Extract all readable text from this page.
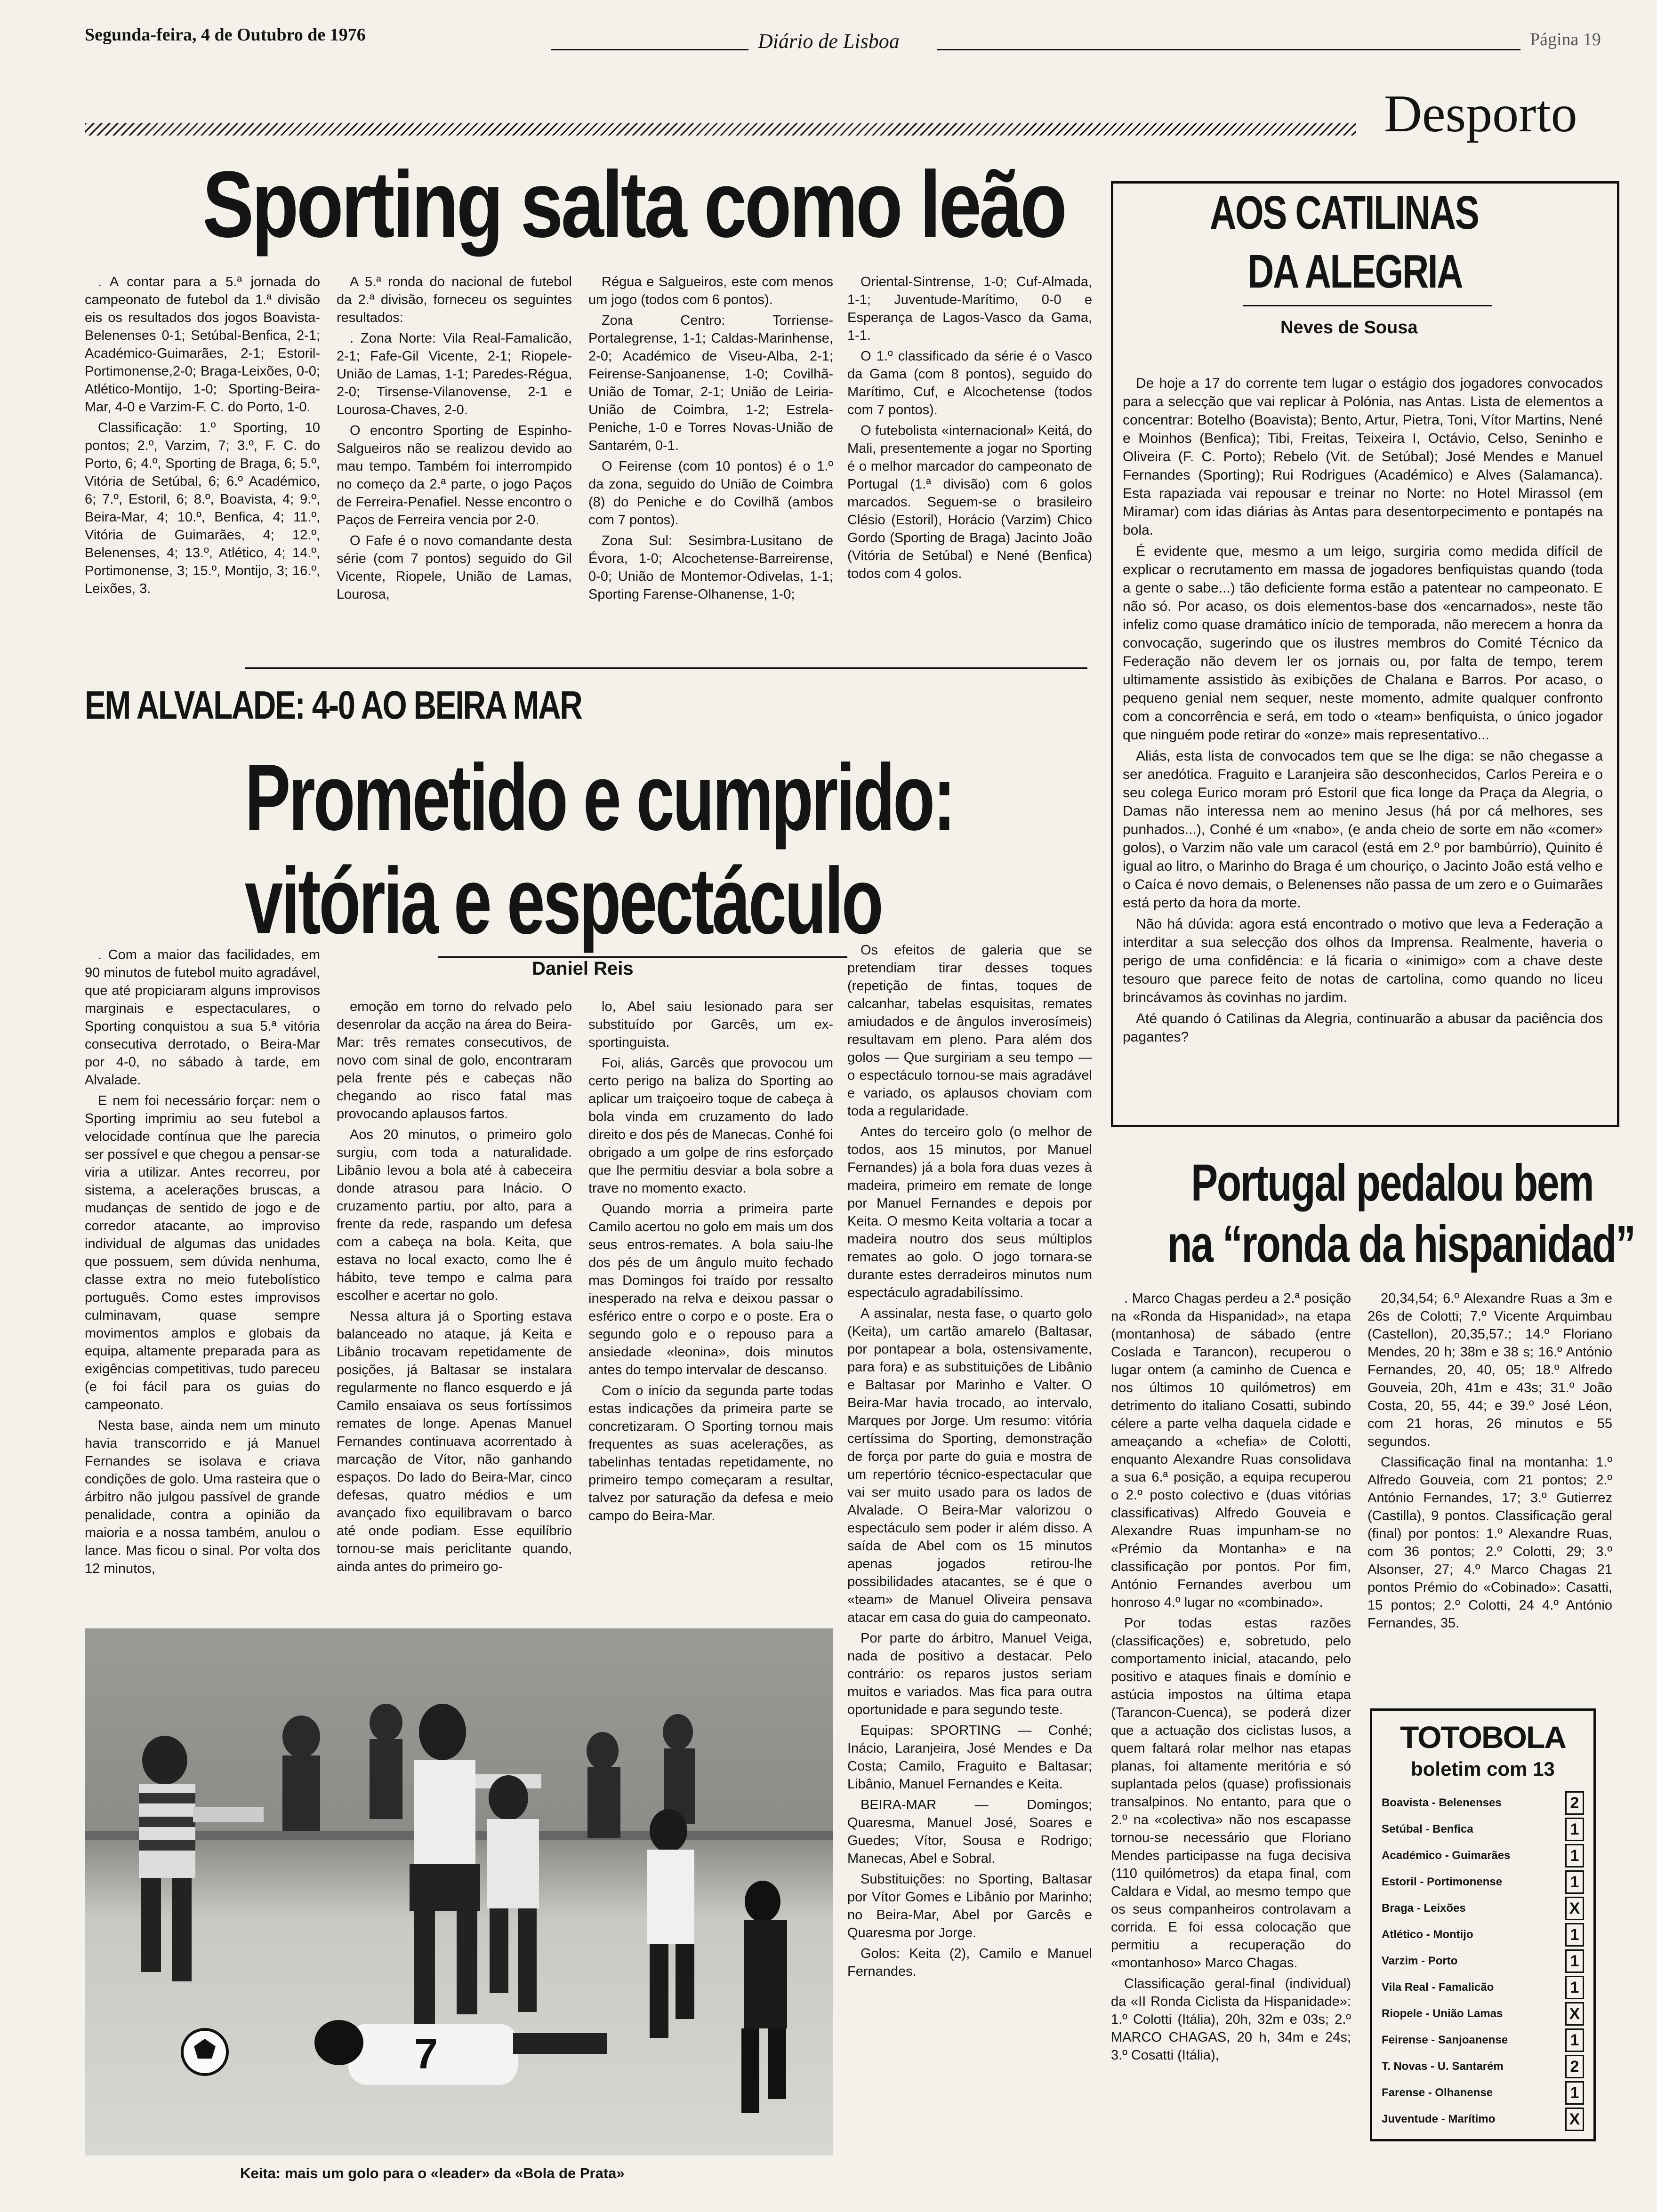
Segunda-feira, 4 de Outubro de 1976	Diário de Lisboa	Página 19
Desporto
Sporting salta como leão

. A contar para a 5.ª jornada do campeonato de futebol da 1.ª divisão eis os resultados dos jogos Boavista-Belenenses 0-1; Setúbal-Benfica, 2-1; Académico-Guimarães, 2-1; Estoril-Portimonense,2-0; Braga-Leixões, 0-0; Atlético-Montijo, 1-0; Sporting-Beira-Mar, 4-0 e Varzim-F. C. do Porto, 1-0.

Classificação: 1.º Sporting, 10 pontos; 2.º, Varzim, 7; 3.º, F. C. do Porto, 6; 4.º, Sporting de Braga, 6; 5.º, Vitória de Setúbal, 6; 6.º Académico, 6; 7.º, Estoril, 6; 8.º, Boavista, 4; 9.º, Beira-Mar, 4; 10.º, Benfica, 4; 11.º, Vitória de Guimarães, 4; 12.º, Belenenses, 4; 13.º, Atlético, 4; 14.º, Portimonense, 3; 15.º, Montijo, 3; 16.º, Leixões, 3.

A 5.ª ronda do nacional de futebol da 2.ª divisão, forneceu os seguintes resultados:

. Zona Norte: Vila Real-Famalicão, 2-1; Fafe-Gil Vicente, 2-1; Riopele-União de Lamas, 1-1; Paredes-Régua, 2-0; Tirsense-Vilanovense, 2-1 e Lourosa-Chaves, 2-0.

O encontro Sporting de Espinho-Salgueiros não se realizou devido ao mau tempo. Também foi interrompido no começo da 2.ª parte, o jogo Paços de Ferreira-Penafiel. Nesse encontro o Paços de Ferreira vencia por 2-0.

O Fafe é o novo comandante desta série (com 7 pontos) seguido do Gil Vicente, Riopele, União de Lamas, Lourosa,

Régua e Salgueiros, este com menos um jogo (todos com 6 pontos).

Zona Centro: Torriense-Portalegrense, 1-1; Caldas-Marinhense, 2-0; Académico de Viseu-Alba, 2-1; Feirense-Sanjoanense, 1-0; Covilhã-União de Tomar, 2-1; União de Leiria-União de Coimbra, 1-2; Estrela-Peniche, 1-0 e Torres Novas-União de Santarém, 0-1.

O Feirense (com 10 pontos) é o 1.º da zona, seguido do União de Coimbra (8) do Peniche e do Covilhã (ambos com 7 pontos).

Zona Sul: Sesimbra-Lusitano de Évora, 1-0; Alcochetense-Barreirense, 0-0; União de Montemor-Odivelas, 1-1; Sporting Farense-Olhanense, 1-0;

Oriental-Sintrense, 1-0; Cuf-Almada, 1-1; Juventude-Marítimo, 0-0 e Esperança de Lagos-Vasco da Gama, 1-1.

O 1.º classificado da série é o Vasco da Gama (com 8 pontos), seguido do Marítimo, Cuf, e Alcochetense (todos com 7 pontos).

O futebolista «internacional» Keitá, do Mali, presentemente a jogar no Sporting é o melhor marcador do campeonato de Portugal (1.ª divisão) com 6 golos marcados. Seguem-se o brasileiro Clésio (Estoril), Horácio (Varzim) Chico Gordo (Sporting de Braga) Jacinto João (Vitória de Setúbal) e Nené (Benfica) todos com 4 golos.

EM ALVALADE: 4-0 AO BEIRA MAR
Prometido e cumprido:
vitória e espectáculo

. Com a maior das facilidades, em 90 minutos de futebol muito agradável, que até propiciaram alguns improvisos marginais e espectaculares, o Sporting conquistou a sua 5.ª vitória consecutiva derrotado, o Beira-Mar por 4-0, no sábado à tarde, em Alvalade.

E nem foi necessário forçar: nem o Sporting imprimiu ao seu futebol a velocidade contínua que lhe parecia ser possível e que chegou a pensar-se viria a utilizar. Antes recorreu, por sistema, a acelerações bruscas, a mudanças de sentido de jogo e de corredor atacante, ao improviso individual de algumas das unidades que possuem, sem dúvida nenhuma, classe extra no meio futebolístico português. Como estes improvisos culminavam, quase sempre movimentos amplos e globais da equipa, altamente preparada para as exigências competitivas, tudo pareceu (e foi fácil para os guias do campeonato.

Nesta base, ainda nem um minuto havia transcorrido e já Manuel Fernandes se isolava e criava condições de golo. Uma rasteira que o árbitro não julgou passível de grande penalidade, contra a opinião da maioria e a nossa também, anulou o lance. Mas ficou o sinal. Por volta dos 12 minutos,

Daniel Reis

emoção em torno do relvado pelo desenrolar da acção na área do Beira-Mar: três remates consecutivos, de novo com sinal de golo, encontraram pela frente pés e cabeças não chegando ao risco fatal mas provocando aplausos fartos.

Aos 20 minutos, o primeiro golo surgiu, com toda a naturalidade. Libânio levou a bola até à cabeceira donde atrasou para Inácio. O cruzamento partiu, por alto, para a frente da rede, raspando um defesa com a cabeça na bola. Keita, que estava no local exacto, como lhe é hábito, teve tempo e calma para escolher e acertar no golo.

Nessa altura já o Sporting estava balanceado no ataque, já Keita e Libânio trocavam repetidamente de posições, já Baltasar se instalara regularmente no flanco esquerdo e já Camilo ensaiava os seus fortíssimos remates de longe. Apenas Manuel Fernandes continuava acorrentado à marcação de Vítor, não ganhando espaços. Do lado do Beira-Mar, cinco defesas, quatro médios e um avançado fixo equilibravam o barco até onde podiam. Esse equilíbrio tornou-se mais periclitante quando, ainda antes do primeiro go-

lo, Abel saiu lesionado para ser substituído por Garcês, um ex-sportinguista.

Foi, aliás, Garcês que provocou um certo perigo na baliza do Sporting ao aplicar um traiçoeiro toque de cabeça à bola vinda em cruzamento do lado direito e dos pés de Manecas. Conhé foi obrigado a um golpe de rins esforçado que lhe permitiu desviar a bola sobre a trave no momento exacto.

Quando morria a primeira parte Camilo acertou no golo em mais um dos seus entros-remates. A bola saiu-lhe dos pés de um ângulo muito fechado mas Domingos foi traído por ressalto inesperado na relva e deixou passar o esférico entre o corpo e o poste. Era o segundo golo e o repouso para a ansiedade «leonina», dois minutos antes do tempo intervalar de descanso.

Com o início da segunda parte todas estas indicações da primeira parte se concretizaram. O Sporting tornou mais frequentes as suas acelerações, as tabelinhas tentadas repetidamente, no primeiro tempo começaram a resultar, talvez por saturação da defesa e meio campo do Beira-Mar.

Os efeitos de galeria que se pretendiam tirar desses toques (repetição de fintas, toques de calcanhar, tabelas esquisitas, remates amiudados e de ângulos inverosímeis) resultavam em pleno. Para além dos golos — Que surgiriam a seu tempo — o espectáculo tornou-se mais agradável e variado, os aplausos choviam com toda a regularidade.

Antes do terceiro golo (o melhor de todos, aos 15 minutos, por Manuel Fernandes) já a bola fora duas vezes à madeira, primeiro em remate de longe por Manuel Fernandes e depois por Keita. O mesmo Keita voltaria a tocar a madeira noutro dos seus múltiplos remates ao golo. O jogo tornara-se durante estes derradeiros minutos num espectáculo agradabilíssimo.

A assinalar, nesta fase, o quarto golo (Keita), um cartão amarelo (Baltasar, por pontapear a bola, ostensivamente, para fora) e as substituições de Libânio e Baltasar por Marinho e Valter. O Beira-Mar havia trocado, ao intervalo, Marques por Jorge. Um resumo: vitória certíssima do Sporting, demonstração de força por parte do guia e mostra de um repertório técnico-espectacular que vai ser muito usado para os lados de Alvalade. O Beira-Mar valorizou o espectáculo sem poder ir além disso. A saída de Abel com os 15 minutos apenas jogados retirou-lhe possibilidades atacantes, se é que o «team» de Manuel Oliveira pensava atacar em casa do guia do campeonato.

Por parte do árbitro, Manuel Veiga, nada de positivo a destacar. Pelo contrário: os reparos justos seriam muitos e variados. Mas fica para outra oportunidade e para segundo teste.

Equipas: SPORTING — Conhé; Inácio, Laranjeira, José Mendes e Da Costa; Camilo, Fraguito e Baltasar; Libânio, Manuel Fernandes e Keita.

BEIRA-MAR — Domingos; Quaresma, Manuel José, Soares e Guedes; Vítor, Sousa e Rodrigo; Manecas, Abel e Sobral.

Substituições: no Sporting, Baltasar por Vítor Gomes e Libânio por Marinho; no Beira-Mar, Abel por Garcês e Quaresma por Jorge.

Golos: Keita (2), Camilo e Manuel Fernandes.

7
Keita: mais um golo para o «leader» da «Bola de Prata»
AOS CATILINAS
DA ALEGRIA
Neves de Sousa

De hoje a 17 do corrente tem lugar o estágio dos jogadores convocados para a selecção que vai replicar à Polónia, nas Antas. Lista de elementos a concentrar: Botelho (Boavista); Bento, Artur, Pietra, Toni, Vítor Martins, Nené e Moinhos (Benfica); Tibi, Freitas, Teixeira I, Octávio, Celso, Seninho e Oliveira (F. C. Porto); Rebelo (Vit. de Setúbal); José Mendes e Manuel Fernandes (Sporting); Rui Rodrigues (Académico) e Alves (Salamanca). Esta rapaziada vai repousar e treinar no Norte: no Hotel Mirassol (em Miramar) com idas diárias às Antas para desentorpecimento e pontapés na bola.

É evidente que, mesmo a um leigo, surgiria como medida difícil de explicar o recrutamento em massa de jogadores benfiquistas quando (toda a gente o sabe...) tão deficiente forma estão a patentear no campeonato. E não só. Por acaso, os dois elementos-base dos «encarnados», neste tão infeliz como quase dramático início de temporada, não merecem a honra da convocação, sugerindo que os ilustres membros do Comité Técnico da Federação não devem ler os jornais ou, por falta de tempo, terem ultimamente assistido às exibições de Chalana e Barros. Por acaso, o pequeno genial nem sequer, neste momento, admite qualquer confronto com a concorrência e será, em todo o «team» benfiquista, o único jogador que ninguém pode retirar do «onze» mais representativo...

Aliás, esta lista de convocados tem que se lhe diga: se não chegasse a ser anedótica. Fraguito e Laranjeira são desconhecidos, Carlos Pereira e o seu colega Eurico moram pró Estoril que fica longe da Praça da Alegria, o Damas não interessa nem ao menino Jesus (há por cá melhores, ses punhados...), Conhé é um «nabo», (e anda cheio de sorte em não «comer» golos), o Varzim não vale um caracol (está em 2.º por bambúrrio), Quinito é igual ao litro, o Marinho do Braga é um chouriço, o Jacinto João está velho e o Caíca é novo demais, o Belenenses não passa de um zero e o Guimarães está perto da hora da morte.

Não há dúvida: agora está encontrado o motivo que leva a Federação a interditar a sua selecção dos olhos da Imprensa. Realmente, haveria o perigo de uma confidência: e lá ficaria o «inimigo» com a chave deste tesouro que parece feito de notas de cartolina, como quando no liceu brincávamos às covinhas no jardim.

Até quando ó Catilinas da Alegria, continuarão a abusar da paciência dos pagantes?

Portugal pedalou bem
na “ronda da hispanidad”

. Marco Chagas perdeu a 2.ª posição na «Ronda da Hispanidad», na etapa (montanhosa) de sábado (entre Coslada e Tarancon), recuperou o lugar ontem (a caminho de Cuenca e nos últimos 10 quilómetros) em detrimento do italiano Cosatti, subindo célere a parte velha daquela cidade e ameaçando a «chefia» de Colotti, enquanto Alexandre Ruas consolidava a sua 6.ª posição, a equipa recuperou o 2.º posto colectivo e (duas vitórias classificativas) Alfredo Gouveia e Alexandre Ruas impunham-se no «Prémio da Montanha» e na classificação por pontos. Por fim, António Fernandes averbou um honroso 4.º lugar no «combinado».

Por todas estas razões (classificações) e, sobretudo, pelo comportamento inicial, atacando, pelo positivo e ataques finais e domínio e astúcia impostos na última etapa (Tarancon-Cuenca), se poderá dizer que a actuação dos ciclistas lusos, a quem faltará rolar melhor nas etapas planas, foi altamente meritória e só suplantada pelos (quase) profissionais transalpinos. No entanto, para que o 2.º na «colectiva» não nos escapasse tornou-se necessário que Floriano Mendes participasse na fuga decisiva (110 quilómetros) da etapa final, com Caldara e Vidal, ao mesmo tempo que os seus companheiros controlavam a corrida. E foi essa colocação que permitiu a recuperação do «montanhoso» Marco Chagas.

Classificação geral-final (individual) da «II Ronda Ciclista da Hispanidade»: 1.º Colotti (Itália), 20h, 32m e 03s; 2.º MARCO CHAGAS, 20 h, 34m e 24s; 3.º Cosatti (Itália),

20,34,54; 6.º Alexandre Ruas a 3m e 26s de Colotti; 7.º Vicente Arquimbau (Castellon), 20,35,57.; 14.º Floriano Mendes, 20 h; 38m e 38 s; 16.º António Fernandes, 20, 40, 05; 18.º Alfredo Gouveia, 20h, 41m e 43s; 31.º João Costa, 20, 55, 44; e 39.º José Léon, com 21 horas, 26 minutos e 55 segundos.

Classificação final na montanha: 1.º Alfredo Gouveia, com 21 pontos; 2.º António Fernandes, 17; 3.º Gutierrez (Castilla), 9 pontos. Classificação geral (final) por pontos: 1.º Alexandre Ruas, com 36 pontos; 2.º Colotti, 29; 3.º Alsonser, 27; 4.º Marco Chagas 21 pontos Prémio do «Cobinado»: Casatti, 15 pontos; 2.º Colotti, 24 4.º António Fernandes, 35.

TOTOBOLA
boletim com 13
Boavista - Belenenses	2
Setúbal - Benfica	1
Académico - Guimarães	1
Estoril - Portimonense	1
Braga - Leixões	X
Atlético - Montijo	1
Varzim - Porto	1
Vila Real - Famalicão	1
Riopele - União Lamas	X
Feirense - Sanjoanense	1
T. Novas - U. Santarém	2
Farense - Olhanense	1
Juventude - Marítimo	X
